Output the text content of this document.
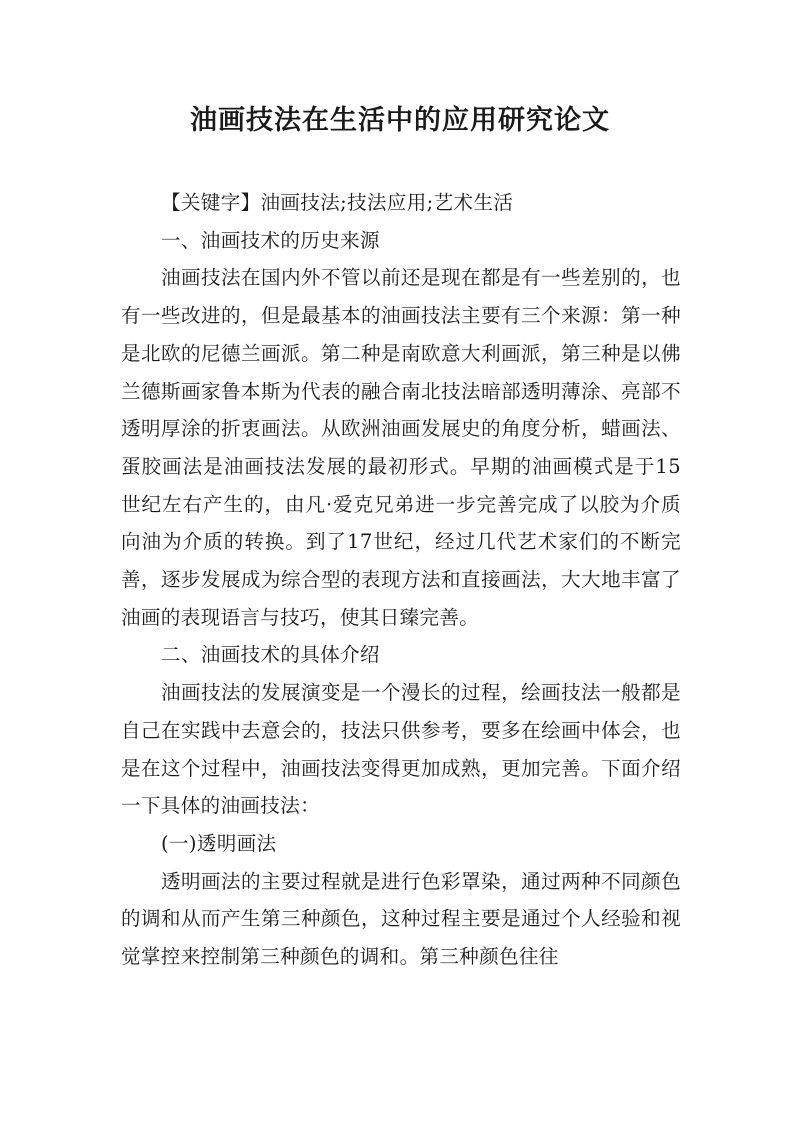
油画技法在生活中的应用研究论文

【关键字】油画技法;技法应用;艺术生活

一、油画技术的历史来源

油画技法在国内外不管以前还是现在都是有一些差别的，也有一些改进的，但是最基本的油画技法主要有三个来源：第一种是北欧的尼德兰画派。第二种是南欧意大利画派，第三种是以佛兰德斯画家鲁本斯为代表的融合南北技法暗部透明薄涂、亮部不透明厚涂的折衷画法。从欧洲油画发展史的角度分析，蜡画法、蛋胶画法是油画技法发展的最初形式。早期的油画模式是于15世纪左右产生的，由凡·爱克兄弟进一步完善完成了以胶为介质向油为介质的转换。到了17世纪，经过几代艺术家们的不断完善，逐步发展成为综合型的表现方法和直接画法，大大地丰富了油画的表现语言与技巧，使其日臻完善。

二、油画技术的具体介绍

油画技法的发展演变是一个漫长的过程，绘画技法一般都是自己在实践中去意会的，技法只供参考，要多在绘画中体会，也是在这个过程中，油画技法变得更加成熟，更加完善。下面介绍一下具体的油画技法：

(一)透明画法

透明画法的主要过程就是进行色彩罩染，通过两种不同颜色的调和从而产生第三种颜色，这种过程主要是通过个人经验和视觉掌控来控制第三种颜色的调和。第三种颜色往往
